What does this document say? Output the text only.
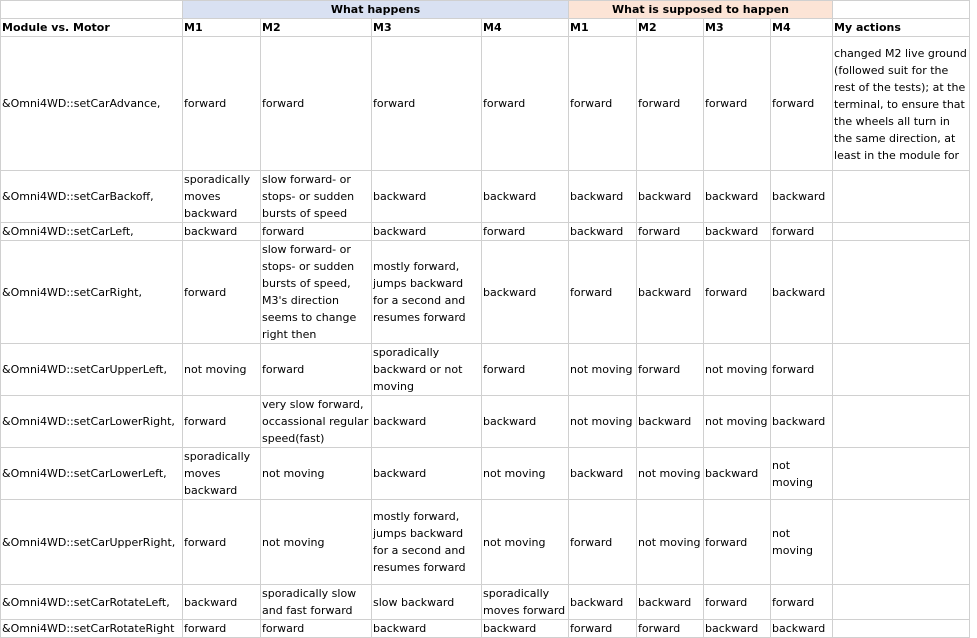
	What happens				What is supposed to happen					
Module vs. Motor	M1	M2	M3	M4	M1	M2	M3	M4	My actions	
&Omni4WD::setCarAdvance,	forward	forward	forward	forward	forward	forward	forward	forward	changed M2 live ground (followed suit for the rest of the tests); at the terminal, to ensure that the wheels all turn in the same direction, at least in the module for	

&Omni4WD::setCarBackoff,	sporadically moves backward	slow forward- or stops- or sudden bursts of speed	backward	backward	backward	backward	backward	backward		
&Omni4WD::setCarLeft,	backward	forward	backward	forward	backward	forward	backward	forward		
&Omni4WD::setCarRight,	forward	slow forward- or stops- or sudden bursts of speed, M3's direction seems to change right then	mostly forward, jumps backward for a second and resumes forward	backward	forward	backward	forward	backward		
&Omni4WD::setCarUpperLeft,	not moving	forward	sporadically backward or not moving	forward	not moving	forward	not moving	forward		
&Omni4WD::setCarLowerRight,	forward	very slow forward, occassional regular speed(fast)	backward	backward	not moving	backward	not moving	backward		
&Omni4WD::setCarLowerLeft,	sporadically moves backward	not moving	backward	not moving	backward	not moving	backward	not moving		
&Omni4WD::setCarUpperRight,	forward	not moving	mostly forward, jumps backward for a second and resumes forward	not moving	forward	not moving	forward	not moving		
&Omni4WD::setCarRotateLeft,	backward	sporadically slow and fast forward	slow backward	sporadically moves forward	backward	backward	forward	forward		
&Omni4WD::setCarRotateRight	forward	forward	backward	backward	forward	forward	backward	backward		
